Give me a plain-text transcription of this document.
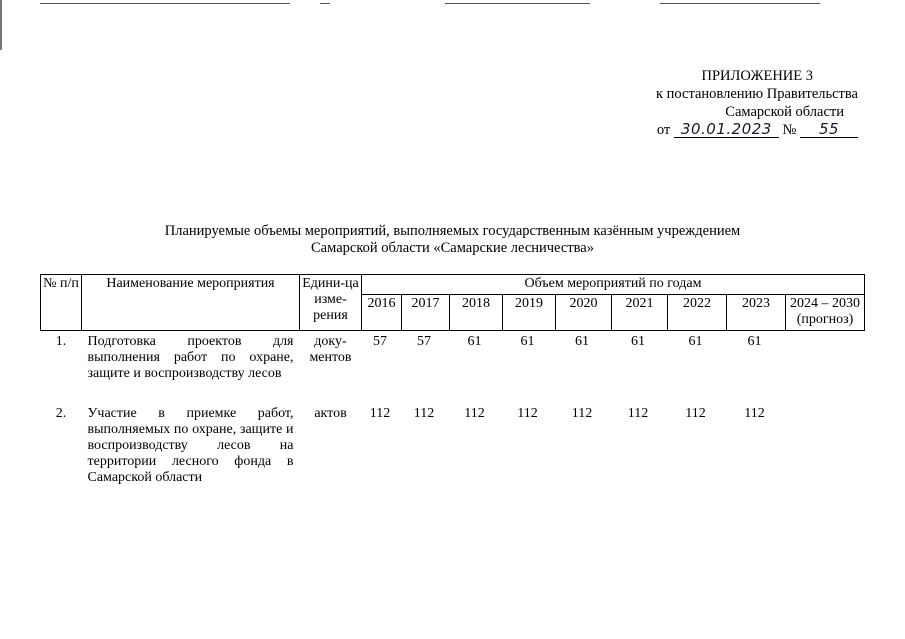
ПРИЛОЖЕНИЕ 3
к постановлению Правительства
Самарской области
от 30.01.2023 № 55
Планируемые объемы мероприятий, выполняемых государственным казённым учреждением
Самарской области «Самарские лесничества»
№ п/п	Наименование мероприятия	Едини-ца изме-рения	Объем мероприятий по годам								
			2016	2017	2018	2019	2020	2021	2022	2023	2024 – 2030 (прогноз)
1.	Подготовка проектов для выполнения работ по охране, защите и воспроизводству лесов	доку-ментов	57	57	61	61	61	61	61	61	

2.	Участие в приемке работ, выполняемых по охране, защите и воспроизводству лесов на территории лесного фонда в Самарской области	актов	112	112	112	112	112	112	112	112	
